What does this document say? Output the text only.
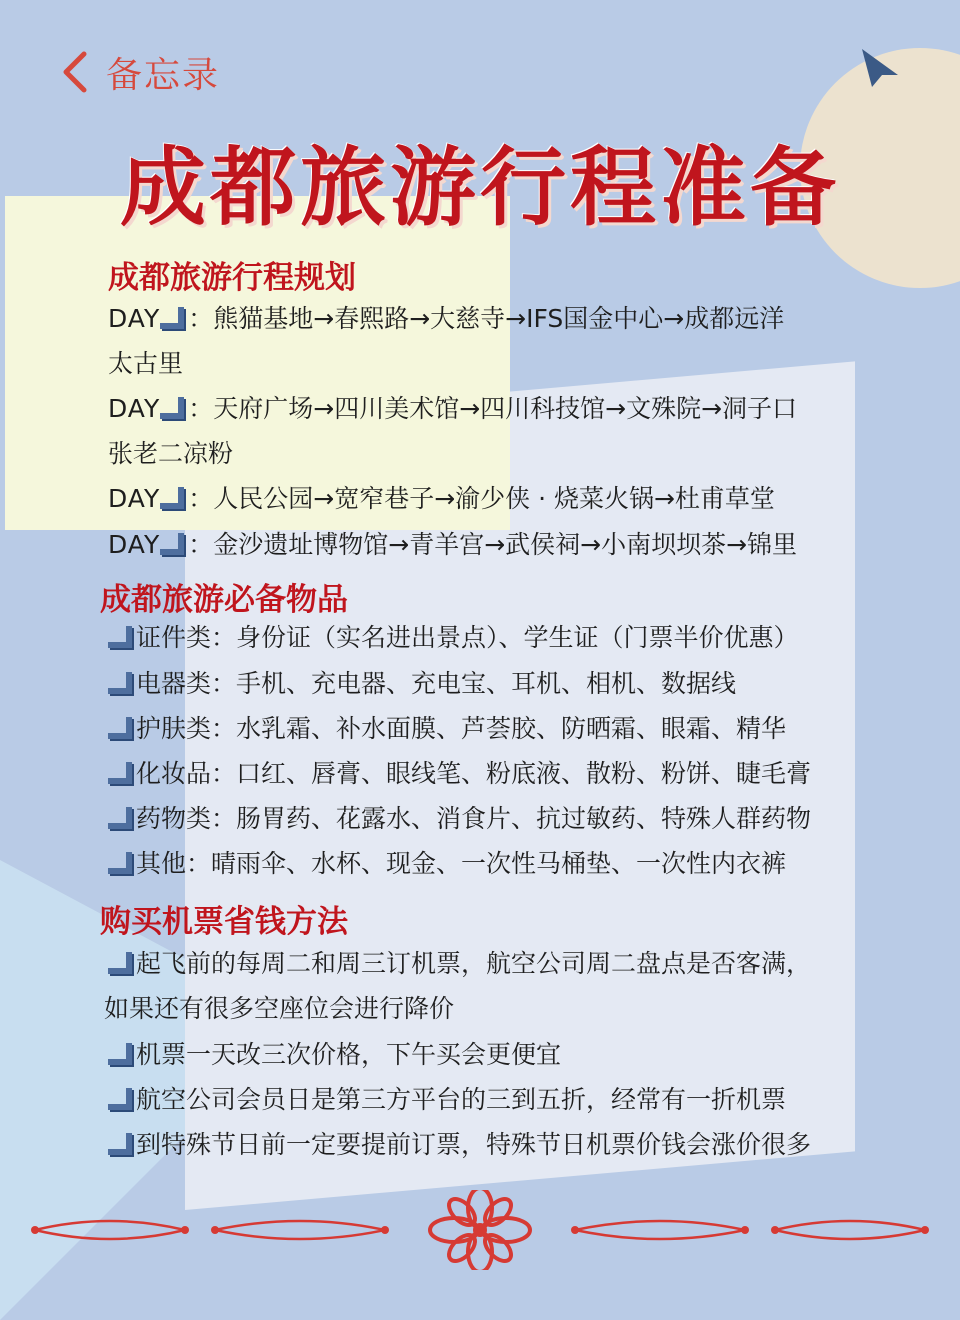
备忘录
成都旅游行程准备
成都旅游行程规划
DAY ：熊猫基地→春熙路→大慈寺→IFS国金中心→成都远洋
太古里
DAY ：天府广场→四川美术馆→四川科技馆→文殊院→洞子口
张老二凉粉
DAY ：人民公园→宽窄巷子→渝少侠 · 烧菜火锅→杜甫草堂
DAY ：金沙遗址博物馆→青羊宫→武侯祠→小南坝坝茶→锦里
成都旅游必备物品
证件类：身份证（实名进出景点）、学生证（门票半价优惠）
电器类：手机、充电器、充电宝、耳机、相机、数据线
护肤类：水乳霜、补水面膜、芦荟胶、防晒霜、眼霜、精华
化妆品：口红、唇膏、眼线笔、粉底液、散粉、粉饼、睫毛膏
药物类：肠胃药、花露水、消食片、抗过敏药、特殊人群药物
其他：晴雨伞、水杯、现金、一次性马桶垫、一次性内衣裤
购买机票省钱方法
起飞前的每周二和周三订机票，航空公司周二盘点是否客满，
如果还有很多空座位会进行降价
机票一天改三次价格，下午买会更便宜
航空公司会员日是第三方平台的三到五折，经常有一折机票
到特殊节日前一定要提前订票，特殊节日机票价钱会涨价很多
